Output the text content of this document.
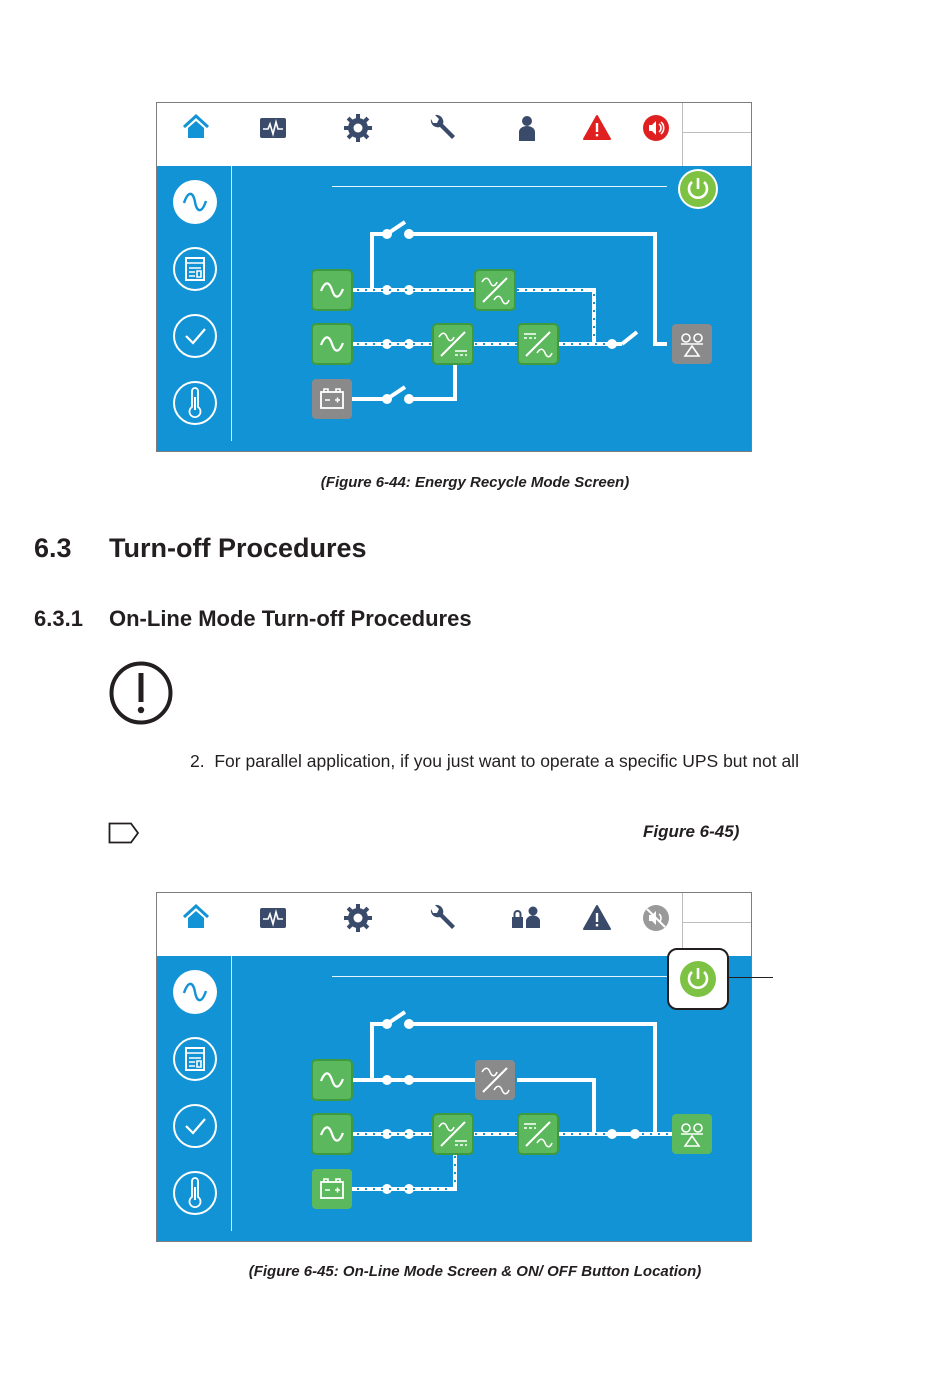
(Figure 6-44: Energy Recycle Mode Screen)
6.3 Turn-off Procedures
6.3.1 On-Line Mode Turn-off Procedures
2. For parallel application, if you just want to operate a specific UPS but not all
Figure 6-45)
(Figure 6-45: On-Line Mode Screen & ON/ OFF Button Location)
